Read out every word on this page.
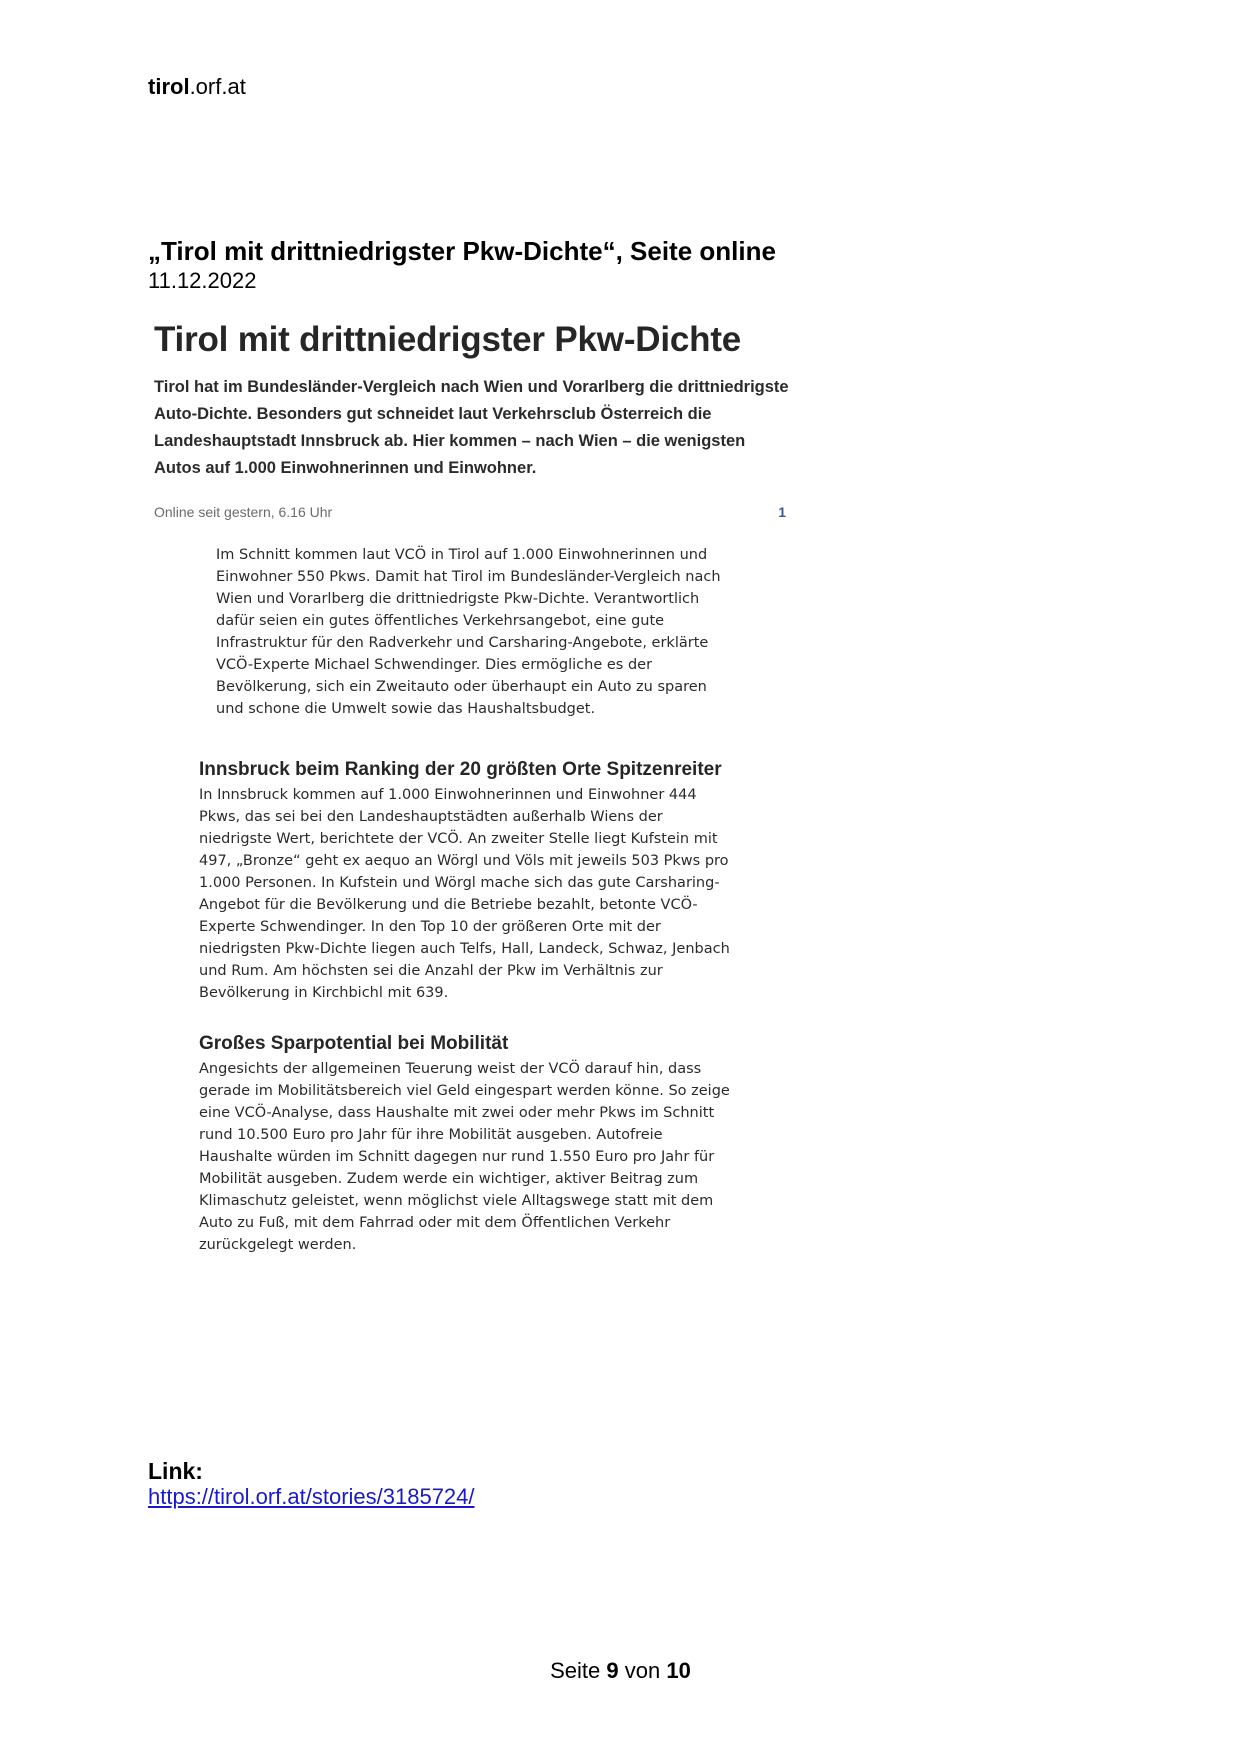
tirol.orf.at
„Tirol mit drittniedrigster Pkw-Dichte“, Seite online
11.12.2022
Tirol mit drittniedrigster Pkw-Dichte

Tirol hat im Bundesländer-Vergleich nach Wien und Vorarlberg die drittniedrigste Auto-Dichte. Besonders gut schneidet laut Verkehrsclub Österreich die Landeshauptstadt Innsbruck ab. Hier kommen – nach Wien – die wenigsten Autos auf 1.000 Einwohnerinnen und Einwohner.

Online seit gestern, 6.16 Uhr	1

Im Schnitt kommen laut VCÖ in Tirol auf 1.000 Einwohnerinnen und Einwohner 550 Pkws. Damit hat Tirol im Bundesländer-Vergleich nach Wien und Vorarlberg die drittniedrigste Pkw-Dichte. Verantwortlich dafür seien ein gutes öffentliches Verkehrsangebot, eine gute Infrastruktur für den Radverkehr und Carsharing-Angebote, erklärte VCÖ-Experte Michael Schwendinger. Dies ermögliche es der Bevölkerung, sich ein Zweitauto oder überhaupt ein Auto zu sparen und schone die Umwelt sowie das Haushaltsbudget.

Innsbruck beim Ranking der 20 größten Orte Spitzenreiter

In Innsbruck kommen auf 1.000 Einwohnerinnen und Einwohner 444 Pkws, das sei bei den Landeshauptstädten außerhalb Wiens der niedrigste Wert, berichtete der VCÖ. An zweiter Stelle liegt Kufstein mit 497, „Bronze“ geht ex aequo an Wörgl und Völs mit jeweils 503 Pkws pro 1.000 Personen. In Kufstein und Wörgl mache sich das gute Carsharing-Angebot für die Bevölkerung und die Betriebe bezahlt, betonte VCÖ-Experte Schwendinger. In den Top 10 der größeren Orte mit der niedrigsten Pkw-Dichte liegen auch Telfs, Hall, Landeck, Schwaz, Jenbach und Rum. Am höchsten sei die Anzahl der Pkw im Verhältnis zur Bevölkerung in Kirchbichl mit 639.

Großes Sparpotential bei Mobilität

Angesichts der allgemeinen Teuerung weist der VCÖ darauf hin, dass gerade im Mobilitätsbereich viel Geld eingespart werden könne. So zeige eine VCÖ-Analyse, dass Haushalte mit zwei oder mehr Pkws im Schnitt rund 10.500 Euro pro Jahr für ihre Mobilität ausgeben. Autofreie Haushalte würden im Schnitt dagegen nur rund 1.550 Euro pro Jahr für Mobilität ausgeben. Zudem werde ein wichtiger, aktiver Beitrag zum Klimaschutz geleistet, wenn möglichst viele Alltagswege statt mit dem Auto zu Fuß, mit dem Fahrrad oder mit dem Öffentlichen Verkehr zurückgelegt werden.

Link:
https://tirol.orf.at/stories/3185724/
Seite 9 von 10
